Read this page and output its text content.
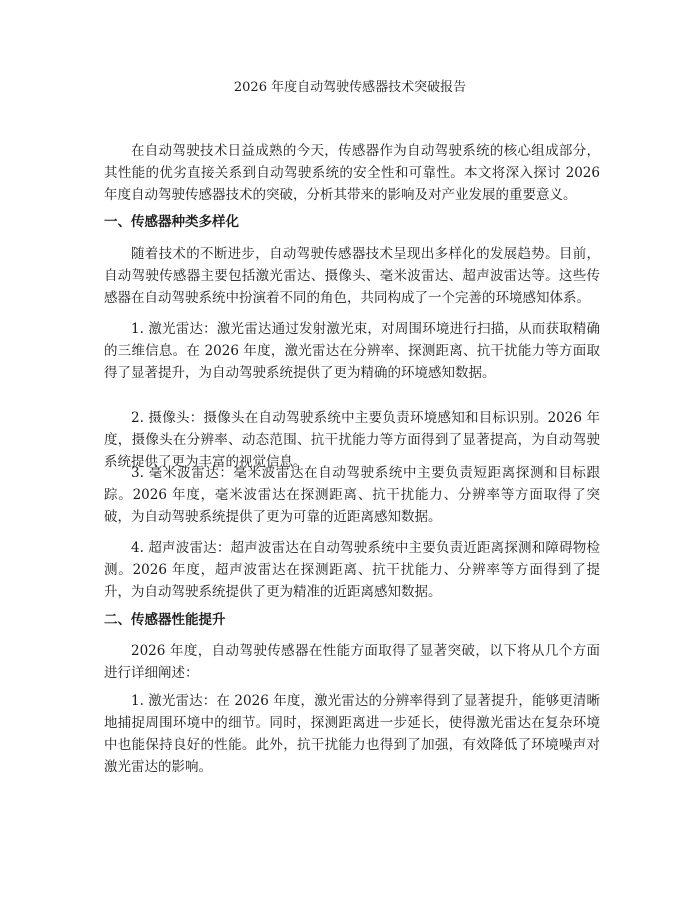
2026 年度自动驾驶传感器技术突破报告
在自动驾驶技术日益成熟的今天，传感器作为自动驾驶系统的核心组成部分，其性能的优劣直接关系到自动驾驶系统的安全性和可靠性。本文将深入探讨 2026 年度自动驾驶传感器技术的突破，分析其带来的影响及对产业发展的重要意义。
一、传感器种类多样化
随着技术的不断进步，自动驾驶传感器技术呈现出多样化的发展趋势。目前，自动驾驶传感器主要包括激光雷达、摄像头、毫米波雷达、超声波雷达等。这些传感器在自动驾驶系统中扮演着不同的角色，共同构成了一个完善的环境感知体系。
1. 激光雷达：激光雷达通过发射激光束，对周围环境进行扫描，从而获取精确的三维信息。在 2026 年度，激光雷达在分辨率、探测距离、抗干扰能力等方面取得了显著提升，为自动驾驶系统提供了更为精确的环境感知数据。
2. 摄像头：摄像头在自动驾驶系统中主要负责环境感知和目标识别。2026 年度，摄像头在分辨率、动态范围、抗干扰能力等方面得到了显著提高，为自动驾驶系统提供了更为丰富的视觉信息。
3. 毫米波雷达：毫米波雷达在自动驾驶系统中主要负责短距离探测和目标跟踪。2026 年度，毫米波雷达在探测距离、抗干扰能力、分辨率等方面取得了突破，为自动驾驶系统提供了更为可靠的近距离感知数据。
4. 超声波雷达：超声波雷达在自动驾驶系统中主要负责近距离探测和障碍物检测。2026 年度，超声波雷达在探测距离、抗干扰能力、分辨率等方面得到了提升，为自动驾驶系统提供了更为精准的近距离感知数据。
二、传感器性能提升
2026 年度，自动驾驶传感器在性能方面取得了显著突破，以下将从几个方面进行详细阐述：
1. 激光雷达：在 2026 年度，激光雷达的分辨率得到了显著提升，能够更清晰地捕捉周围环境中的细节。同时，探测距离进一步延长，使得激光雷达在复杂环境中也能保持良好的性能。此外，抗干扰能力也得到了加强，有效降低了环境噪声对激光雷达的影响。
